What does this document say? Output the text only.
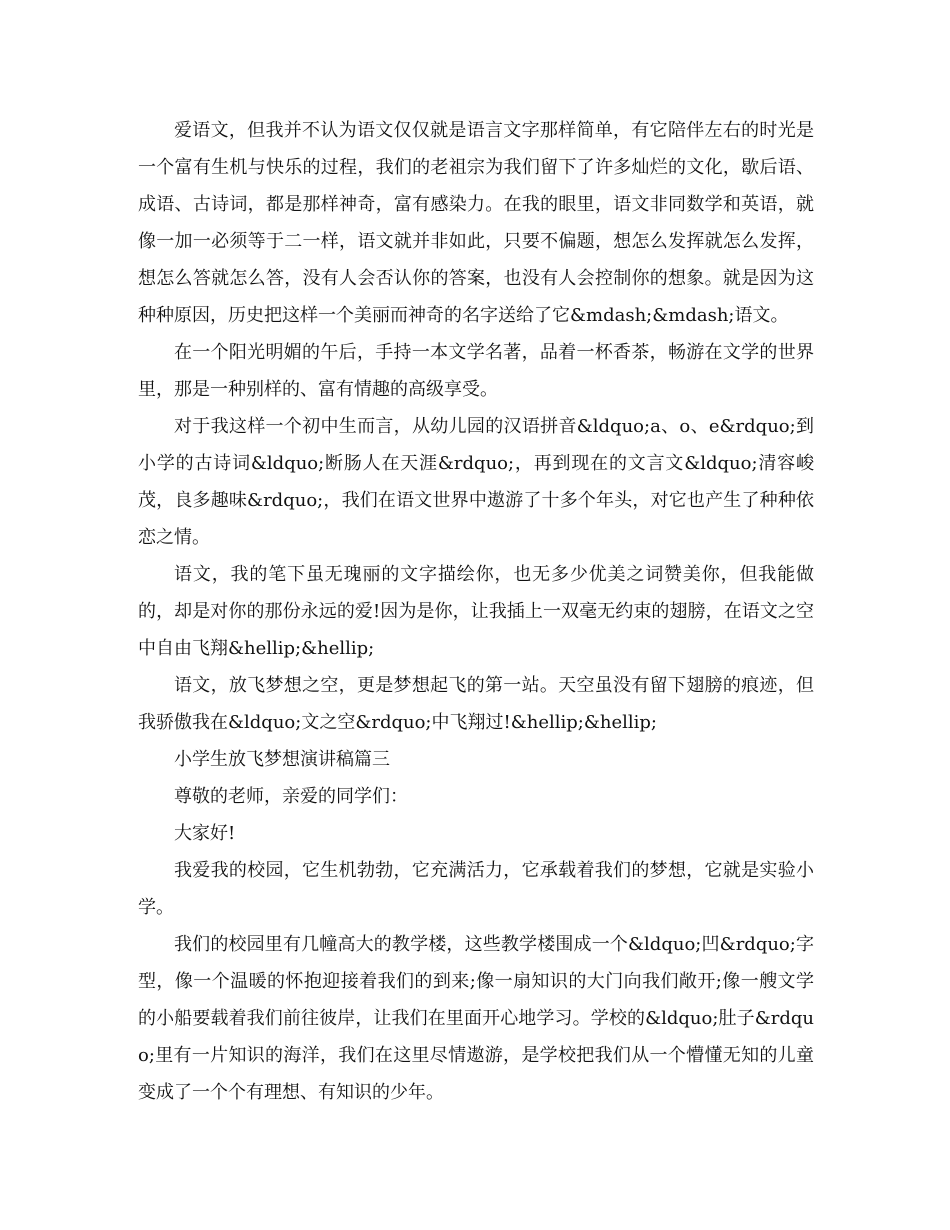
爱语文，但我并不认为语文仅仅就是语言文字那样简单，有它陪伴左右的时光是一个富有生机与快乐的过程，我们的老祖宗为我们留下了许多灿烂的文化，歇后语、成语、古诗词，都是那样神奇，富有感染力。在我的眼里，语文非同数学和英语，就像一加一必须等于二一样，语文就并非如此，只要不偏题，想怎么发挥就怎么发挥，想怎么答就怎么答，没有人会否认你的答案，也没有人会控制你的想象。就是因为这种种原因，历史把这样一个美丽而神奇的名字送给了它&mdash;&mdash;语文。

在一个阳光明媚的午后，手持一本文学名著，品着一杯香茶，畅游在文学的世界里，那是一种别样的、富有情趣的高级享受。

对于我这样一个初中生而言，从幼儿园的汉语拼音&ldquo;a、o、e&rdquo;到小学的古诗词&ldquo;断肠人在天涯&rdquo;，再到现在的文言文&ldquo;清容峻茂，良多趣味&rdquo;，我们在语文世界中遨游了十多个年头，对它也产生了种种依恋之情。

语文，我的笔下虽无瑰丽的文字描绘你，也无多少优美之词赞美你，但我能做的，却是对你的那份永远的爱!因为是你，让我插上一双毫无约束的翅膀，在语文之空中自由飞翔&hellip;&hellip;

语文，放飞梦想之空，更是梦想起飞的第一站。天空虽没有留下翅膀的痕迹，但我骄傲我在&ldquo;文之空&rdquo;中飞翔过!&hellip;&hellip;

小学生放飞梦想演讲稿篇三

尊敬的老师，亲爱的同学们：

大家好!

我爱我的校园，它生机勃勃，它充满活力，它承载着我们的梦想，它就是实验小学。

我们的校园里有几幢高大的教学楼，这些教学楼围成一个&ldquo;凹&rdquo;字型，像一个温暖的怀抱迎接着我们的到来;像一扇知识的大门向我们敞开;像一艘文学的小船要载着我们前往彼岸，让我们在里面开心地学习。学校的&ldquo;肚子&rdquo;里有一片知识的海洋，我们在这里尽情遨游，是学校把我们从一个懵懂无知的儿童变成了一个个有理想、有知识的少年。
